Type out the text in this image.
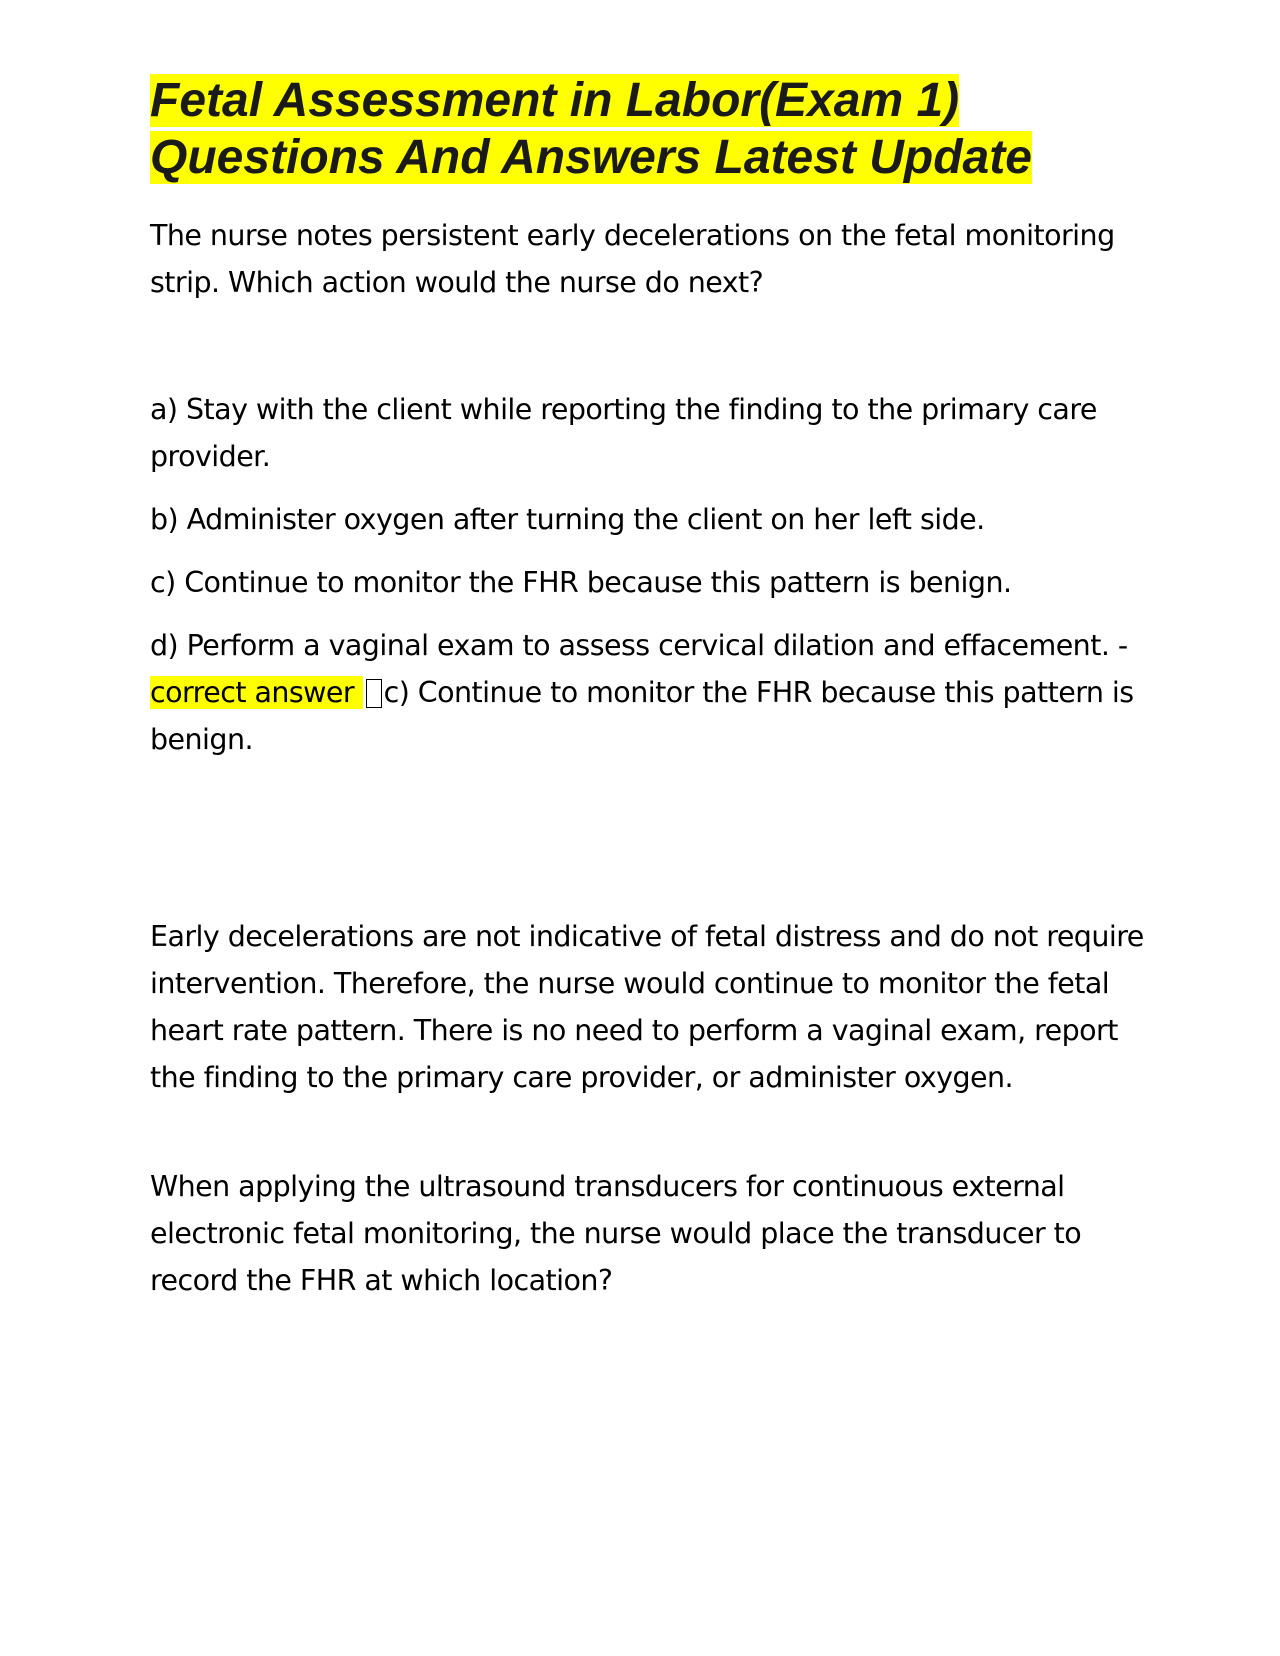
Fetal Assessment in Labor(Exam 1)
Questions And Answers Latest Update

The nurse notes persistent early decelerations on the fetal monitoring strip. Which action would the nurse do next?

a) Stay with the client while reporting the finding to the primary care provider.

b) Administer oxygen after turning the client on her left side.

c) Continue to monitor the FHR because this pattern is benign.

d) Perform a vaginal exam to assess cervical dilation and effacement. -

correct answer c) Continue to monitor the FHR because this pattern is benign.

Early decelerations are not indicative of fetal distress and do not require intervention. Therefore, the nurse would continue to monitor the fetal heart rate pattern. There is no need to perform a vaginal exam, report the finding to the primary care provider, or administer oxygen.

When applying the ultrasound transducers for continuous external electronic fetal monitoring, the nurse would place the transducer to record the FHR at which location?
